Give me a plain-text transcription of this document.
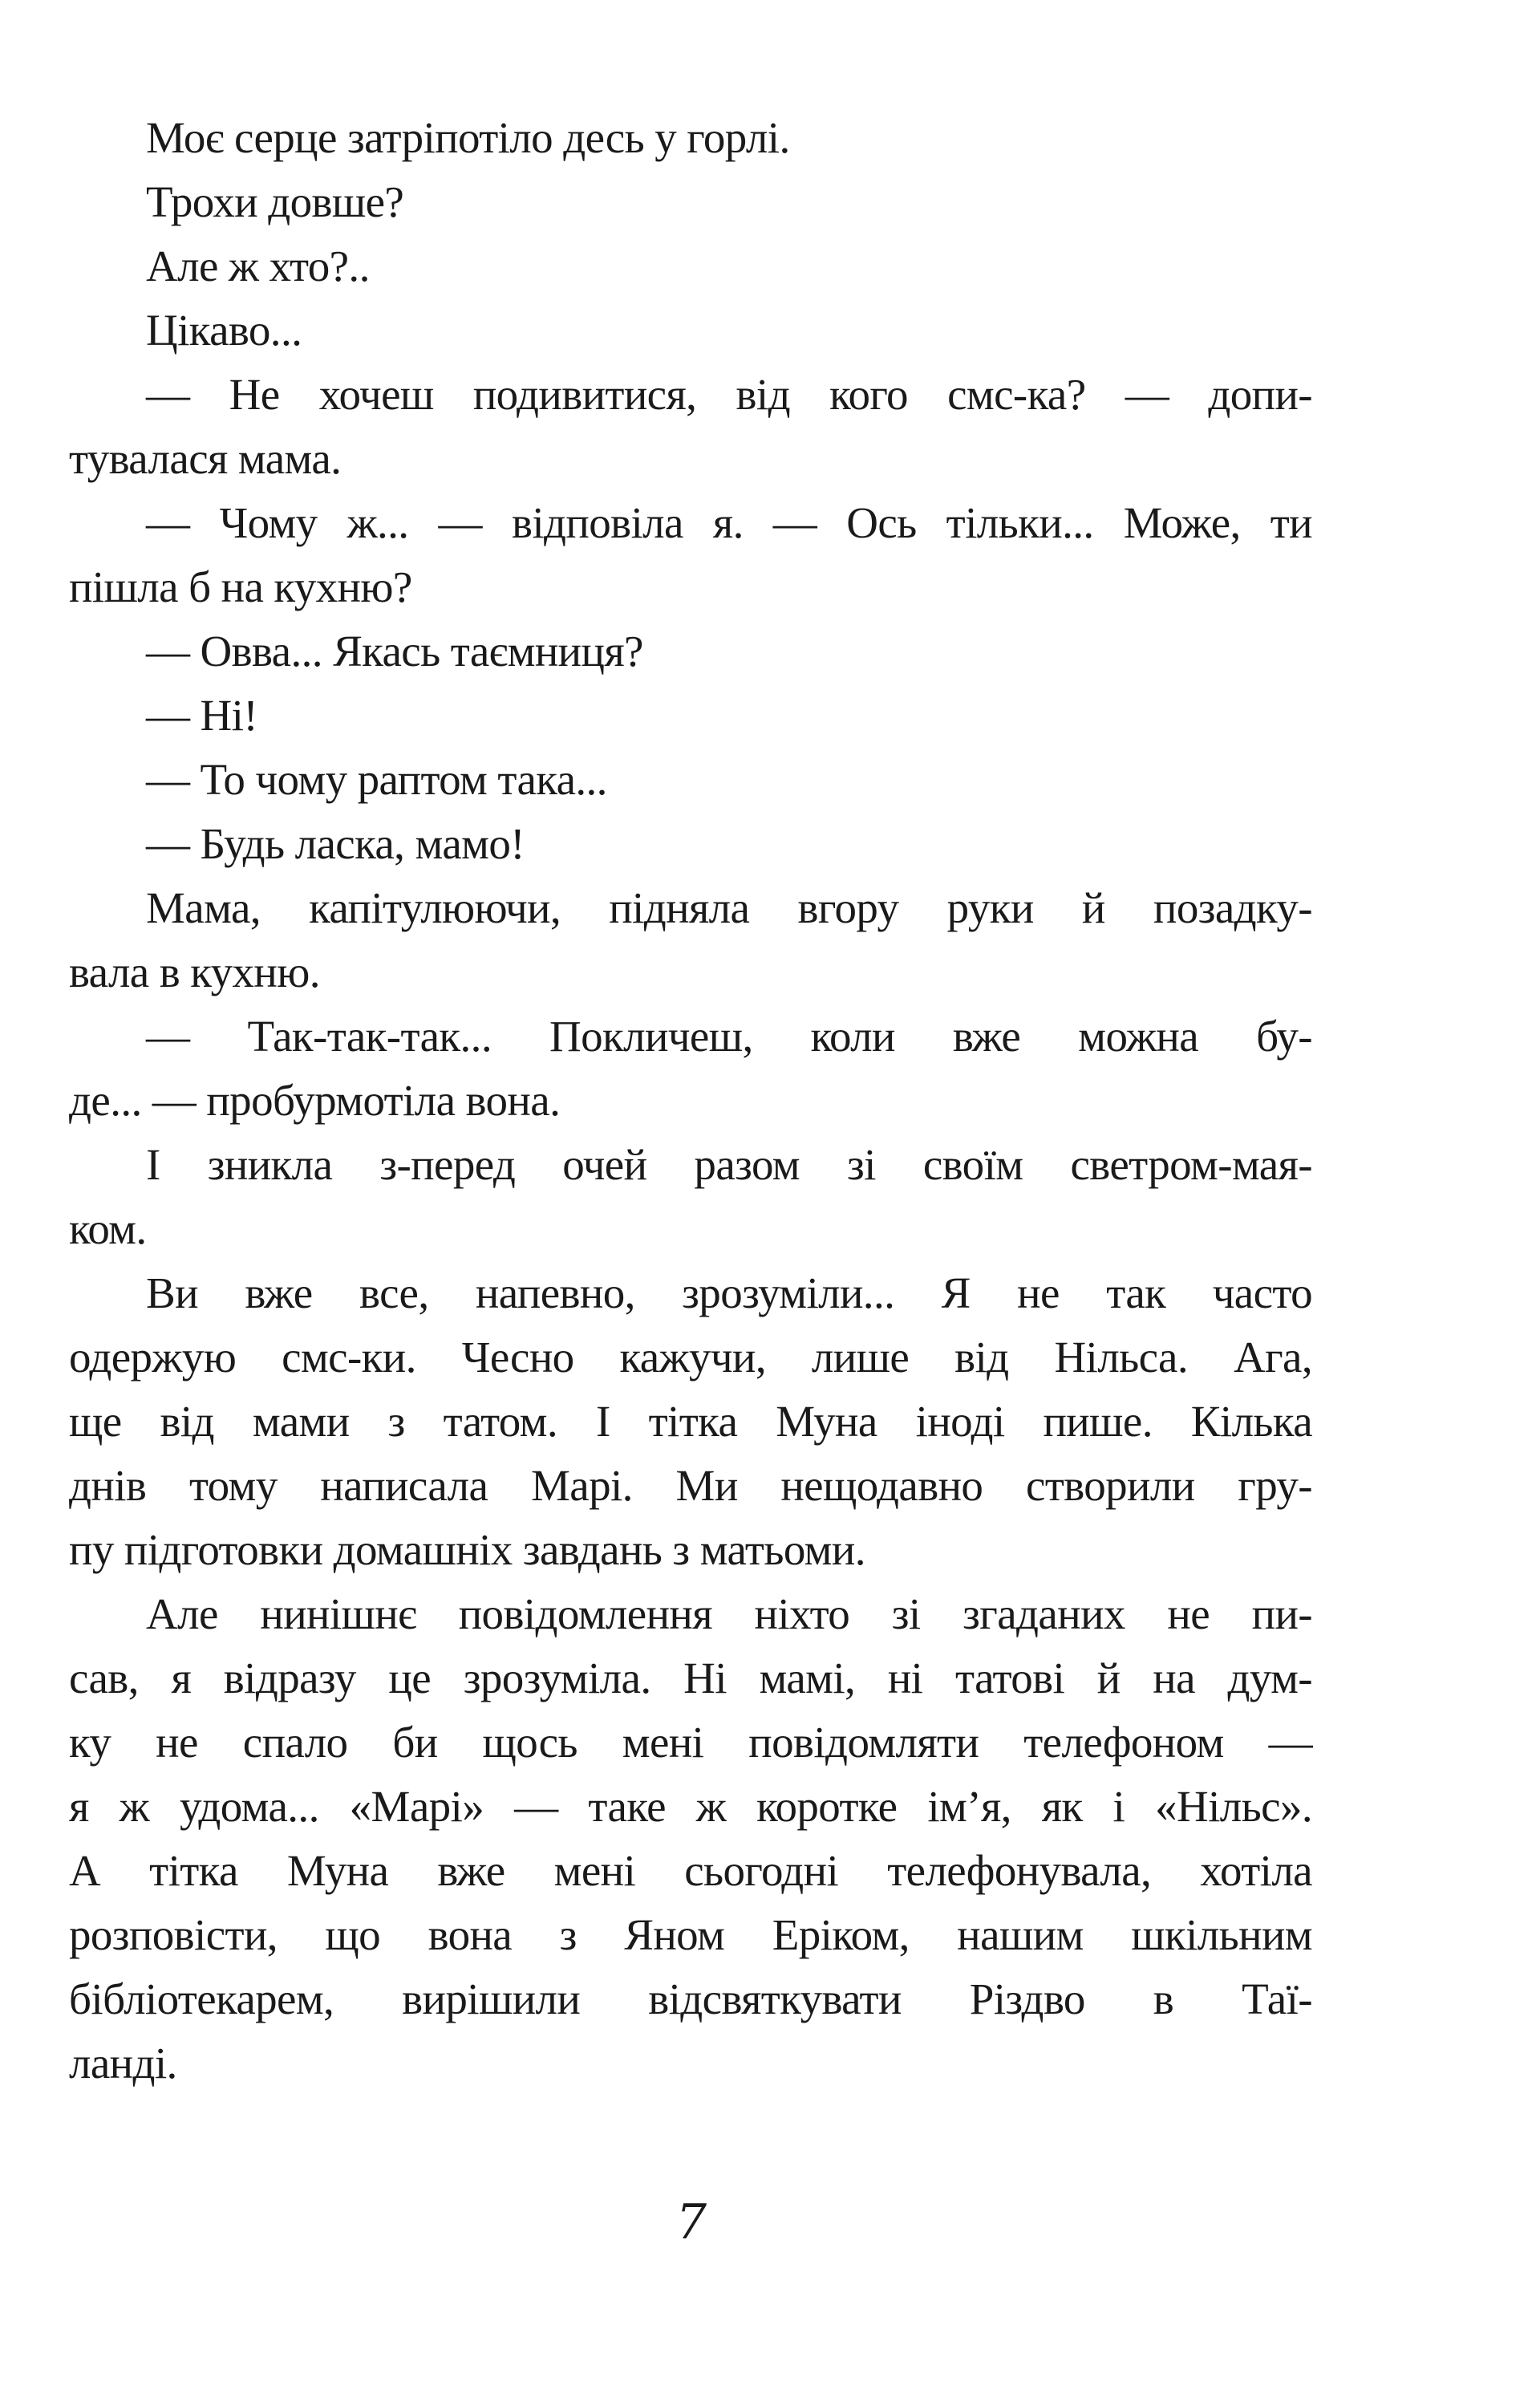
Моє серце затріпотіло десь у горлі.
Трохи довше?
Але ж хто?..
Цікаво...
— Не хочеш подивитися, від кого смс-ка? — допи-
тувалася мама.
— Чому ж... — відповіла я. — Ось тільки... Може, ти
пішла б на кухню?
— Овва... Якась таємниця?
— Ні!
— То чому раптом така...
— Будь ласка, мамо!
Мама, капітулюючи, підняла вгору руки й позадку-
вала в кухню.
— Так-так-так... Покличеш, коли вже можна бу-
де... — пробурмотіла вона.
І зникла з-перед очей разом зі своїм светром-мая-
ком.
Ви вже все, напевно, зрозуміли... Я не так часто
одержую смс-ки. Чесно кажучи, лише від Нільса. Ага,
ще від мами з татом. І тітка Муна іноді пише. Кілька
днів тому написала Марі. Ми нещодавно створили гру-
пу підготовки домашніх завдань з матьоми.
Але нинішнє повідомлення ніхто зі згаданих не пи-
сав, я відразу це зрозуміла. Ні мамі, ні татові й на дум-
ку не спало би щось мені повідомляти телефоном —
я ж удома... «Марі» — таке ж коротке ім’я, як і «Нільс».
А тітка Муна вже мені сьогодні телефонувала, хотіла
розповісти, що вона з Яном Еріком, нашим шкільним
бібліотекарем, вирішили відсвяткувати Різдво в Таї-
ланді.
7
